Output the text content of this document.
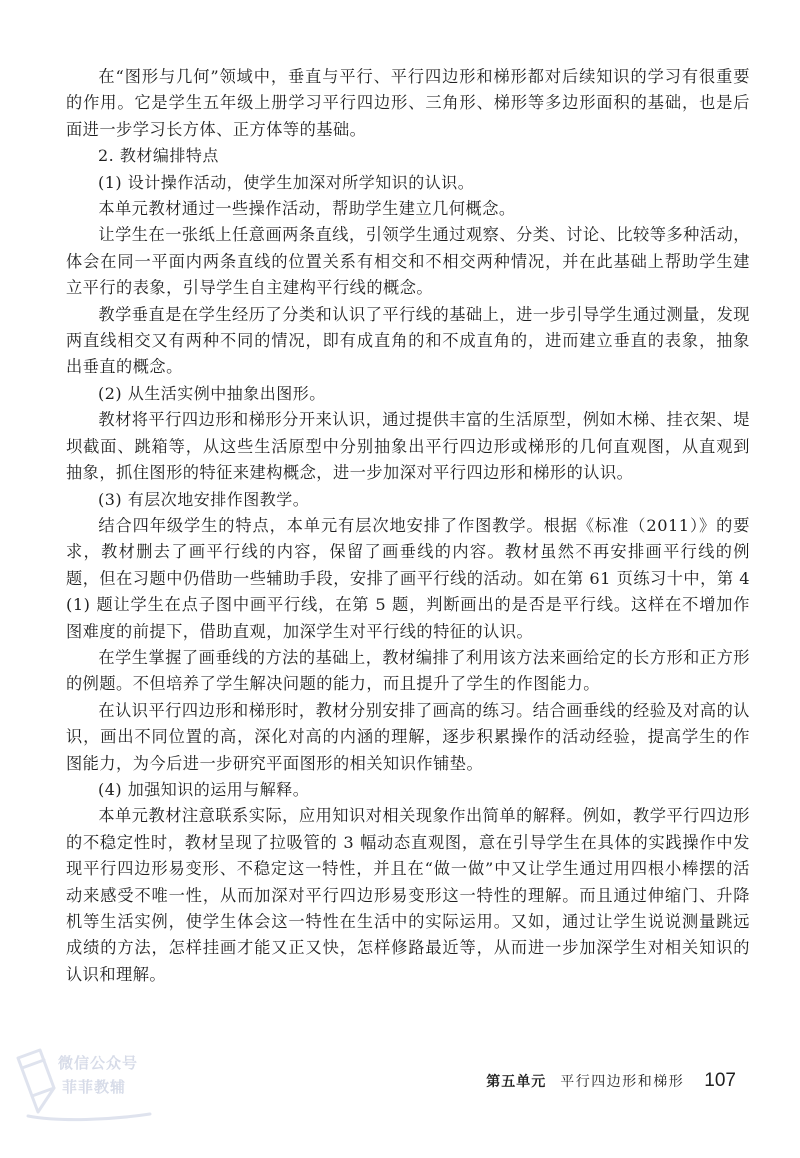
在“图形与几何”领域中，垂直与平行、平行四边形和梯形都对后续知识的学习有很重要的作用。它是学生五年级上册学习平行四边形、三角形、梯形等多边形面积的基础，也是后面进一步学习长方体、正方体等的基础。

2. 教材编排特点

(1) 设计操作活动，使学生加深对所学知识的认识。

本单元教材通过一些操作活动，帮助学生建立几何概念。

让学生在一张纸上任意画两条直线，引领学生通过观察、分类、讨论、比较等多种活动，体会在同一平面内两条直线的位置关系有相交和不相交两种情况，并在此基础上帮助学生建立平行的表象，引导学生自主建构平行线的概念。

教学垂直是在学生经历了分类和认识了平行线的基础上，进一步引导学生通过测量，发现两直线相交又有两种不同的情况，即有成直角的和不成直角的，进而建立垂直的表象，抽象出垂直的概念。

(2) 从生活实例中抽象出图形。

教材将平行四边形和梯形分开来认识，通过提供丰富的生活原型，例如木梯、挂衣架、堤坝截面、跳箱等，从这些生活原型中分别抽象出平行四边形或梯形的几何直观图，从直观到抽象，抓住图形的特征来建构概念，进一步加深对平行四边形和梯形的认识。

(3) 有层次地安排作图教学。

结合四年级学生的特点，本单元有层次地安排了作图教学。根据《标准（2011）》的要求，教材删去了画平行线的内容，保留了画垂线的内容。教材虽然不再安排画平行线的例题，但在习题中仍借助一些辅助手段，安排了画平行线的活动。如在第 61 页练习十中，第 4 (1) 题让学生在点子图中画平行线，在第 5 题，判断画出的是否是平行线。这样在不增加作图难度的前提下，借助直观，加深学生对平行线的特征的认识。

在学生掌握了画垂线的方法的基础上，教材编排了利用该方法来画给定的长方形和正方形的例题。不但培养了学生解决问题的能力，而且提升了学生的作图能力。

在认识平行四边形和梯形时，教材分别安排了画高的练习。结合画垂线的经验及对高的认识，画出不同位置的高，深化对高的内涵的理解，逐步积累操作的活动经验，提高学生的作图能力，为今后进一步研究平面图形的相关知识作铺垫。

(4) 加强知识的运用与解释。

本单元教材注意联系实际，应用知识对相关现象作出简单的解释。例如，教学平行四边形的不稳定性时，教材呈现了拉吸管的 3 幅动态直观图，意在引导学生在具体的实践操作中发现平行四边形易变形、不稳定这一特性，并且在“做一做”中又让学生通过用四根小棒摆的活动来感受不唯一性，从而加深对平行四边形易变形这一特性的理解。而且通过伸缩门、升降机等生活实例，使学生体会这一特性在生活中的实际运用。又如，通过让学生说说测量跳远成绩的方法，怎样挂画才能又正又快，怎样修路最近等，从而进一步加深学生对相关知识的认识和理解。

微信公众号
菲菲教辅	第五单元 平行四边形和梯形 107
